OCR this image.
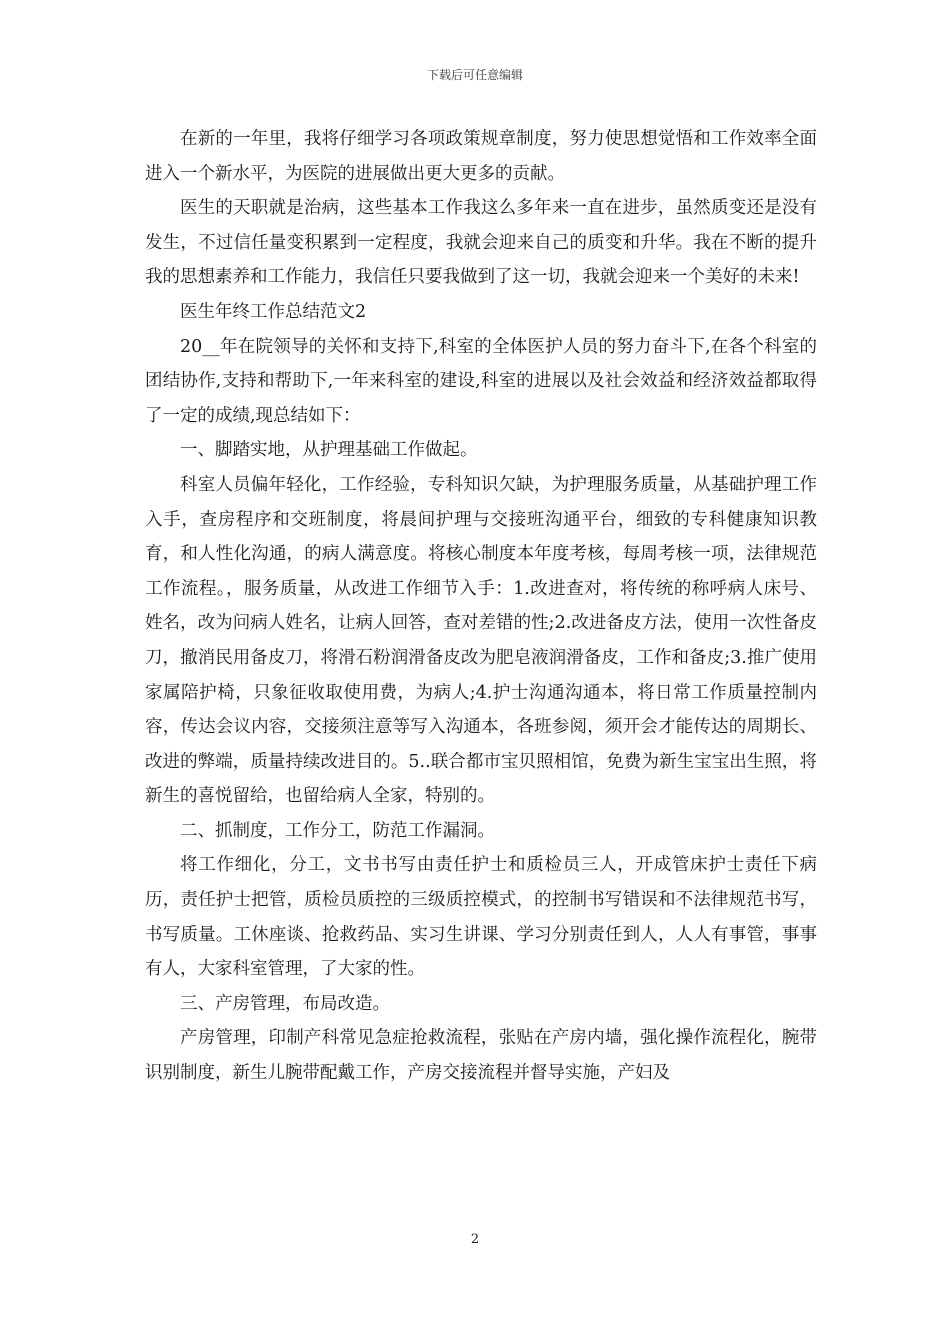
下载后可任意编辑

在新的一年里，我将仔细学习各项政策规章制度，努力使思想觉悟和工作效率全面进入一个新水平，为医院的进展做出更大更多的贡献。

医生的天职就是治病，这些基本工作我这么多年来一直在进步，虽然质变还是没有发生，不过信任量变积累到一定程度，我就会迎来自己的质变和升华。我在不断的提升我的思想素养和工作能力，我信任只要我做到了这一切，我就会迎来一个美好的未来!

医生年终工作总结范文2

20__年在院领导的关怀和支持下,科室的全体医护人员的努力奋斗下,在各个科室的团结协作,支持和帮助下,一年来科室的建设,科室的进展以及社会效益和经济效益都取得了一定的成绩,现总结如下：

一、脚踏实地，从护理基础工作做起。

科室人员偏年轻化，工作经验，专科知识欠缺，为护理服务质量，从基础护理工作入手，查房程序和交班制度，将晨间护理与交接班沟通平台，细致的专科健康知识教育，和人性化沟通，的病人满意度。将核心制度本年度考核，每周考核一项，法律规范工作流程。，服务质量，从改进工作细节入手：1.改进查对，将传统的称呼病人床号、姓名，改为问病人姓名，让病人回答，查对差错的性;2.改进备皮方法，使用一次性备皮刀，撤消民用备皮刀，将滑石粉润滑备皮改为肥皂液润滑备皮，工作和备皮;3.推广使用家属陪护椅，只象征收取使用费，为病人;4.护士沟通沟通本，将日常工作质量控制内容，传达会议内容，交接须注意等写入沟通本，各班参阅，须开会才能传达的周期长、改进的弊端，质量持续改进目的。5..联合都市宝贝照相馆，免费为新生宝宝出生照，将新生的喜悦留给，也留给病人全家，特别的。

二、抓制度，工作分工，防范工作漏洞。

将工作细化，分工，文书书写由责任护士和质检员三人，开成管床护士责任下病历，责任护士把管，质检员质控的三级质控模式，的控制书写错误和不法律规范书写，书写质量。工休座谈、抢救药品、实习生讲课、学习分别责任到人，人人有事管，事事有人，大家科室管理，了大家的性。

三、产房管理，布局改造。

产房管理，印制产科常见急症抢救流程，张贴在产房内墙，强化操作流程化，腕带识别制度，新生儿腕带配戴工作，产房交接流程并督导实施，产妇及

2
